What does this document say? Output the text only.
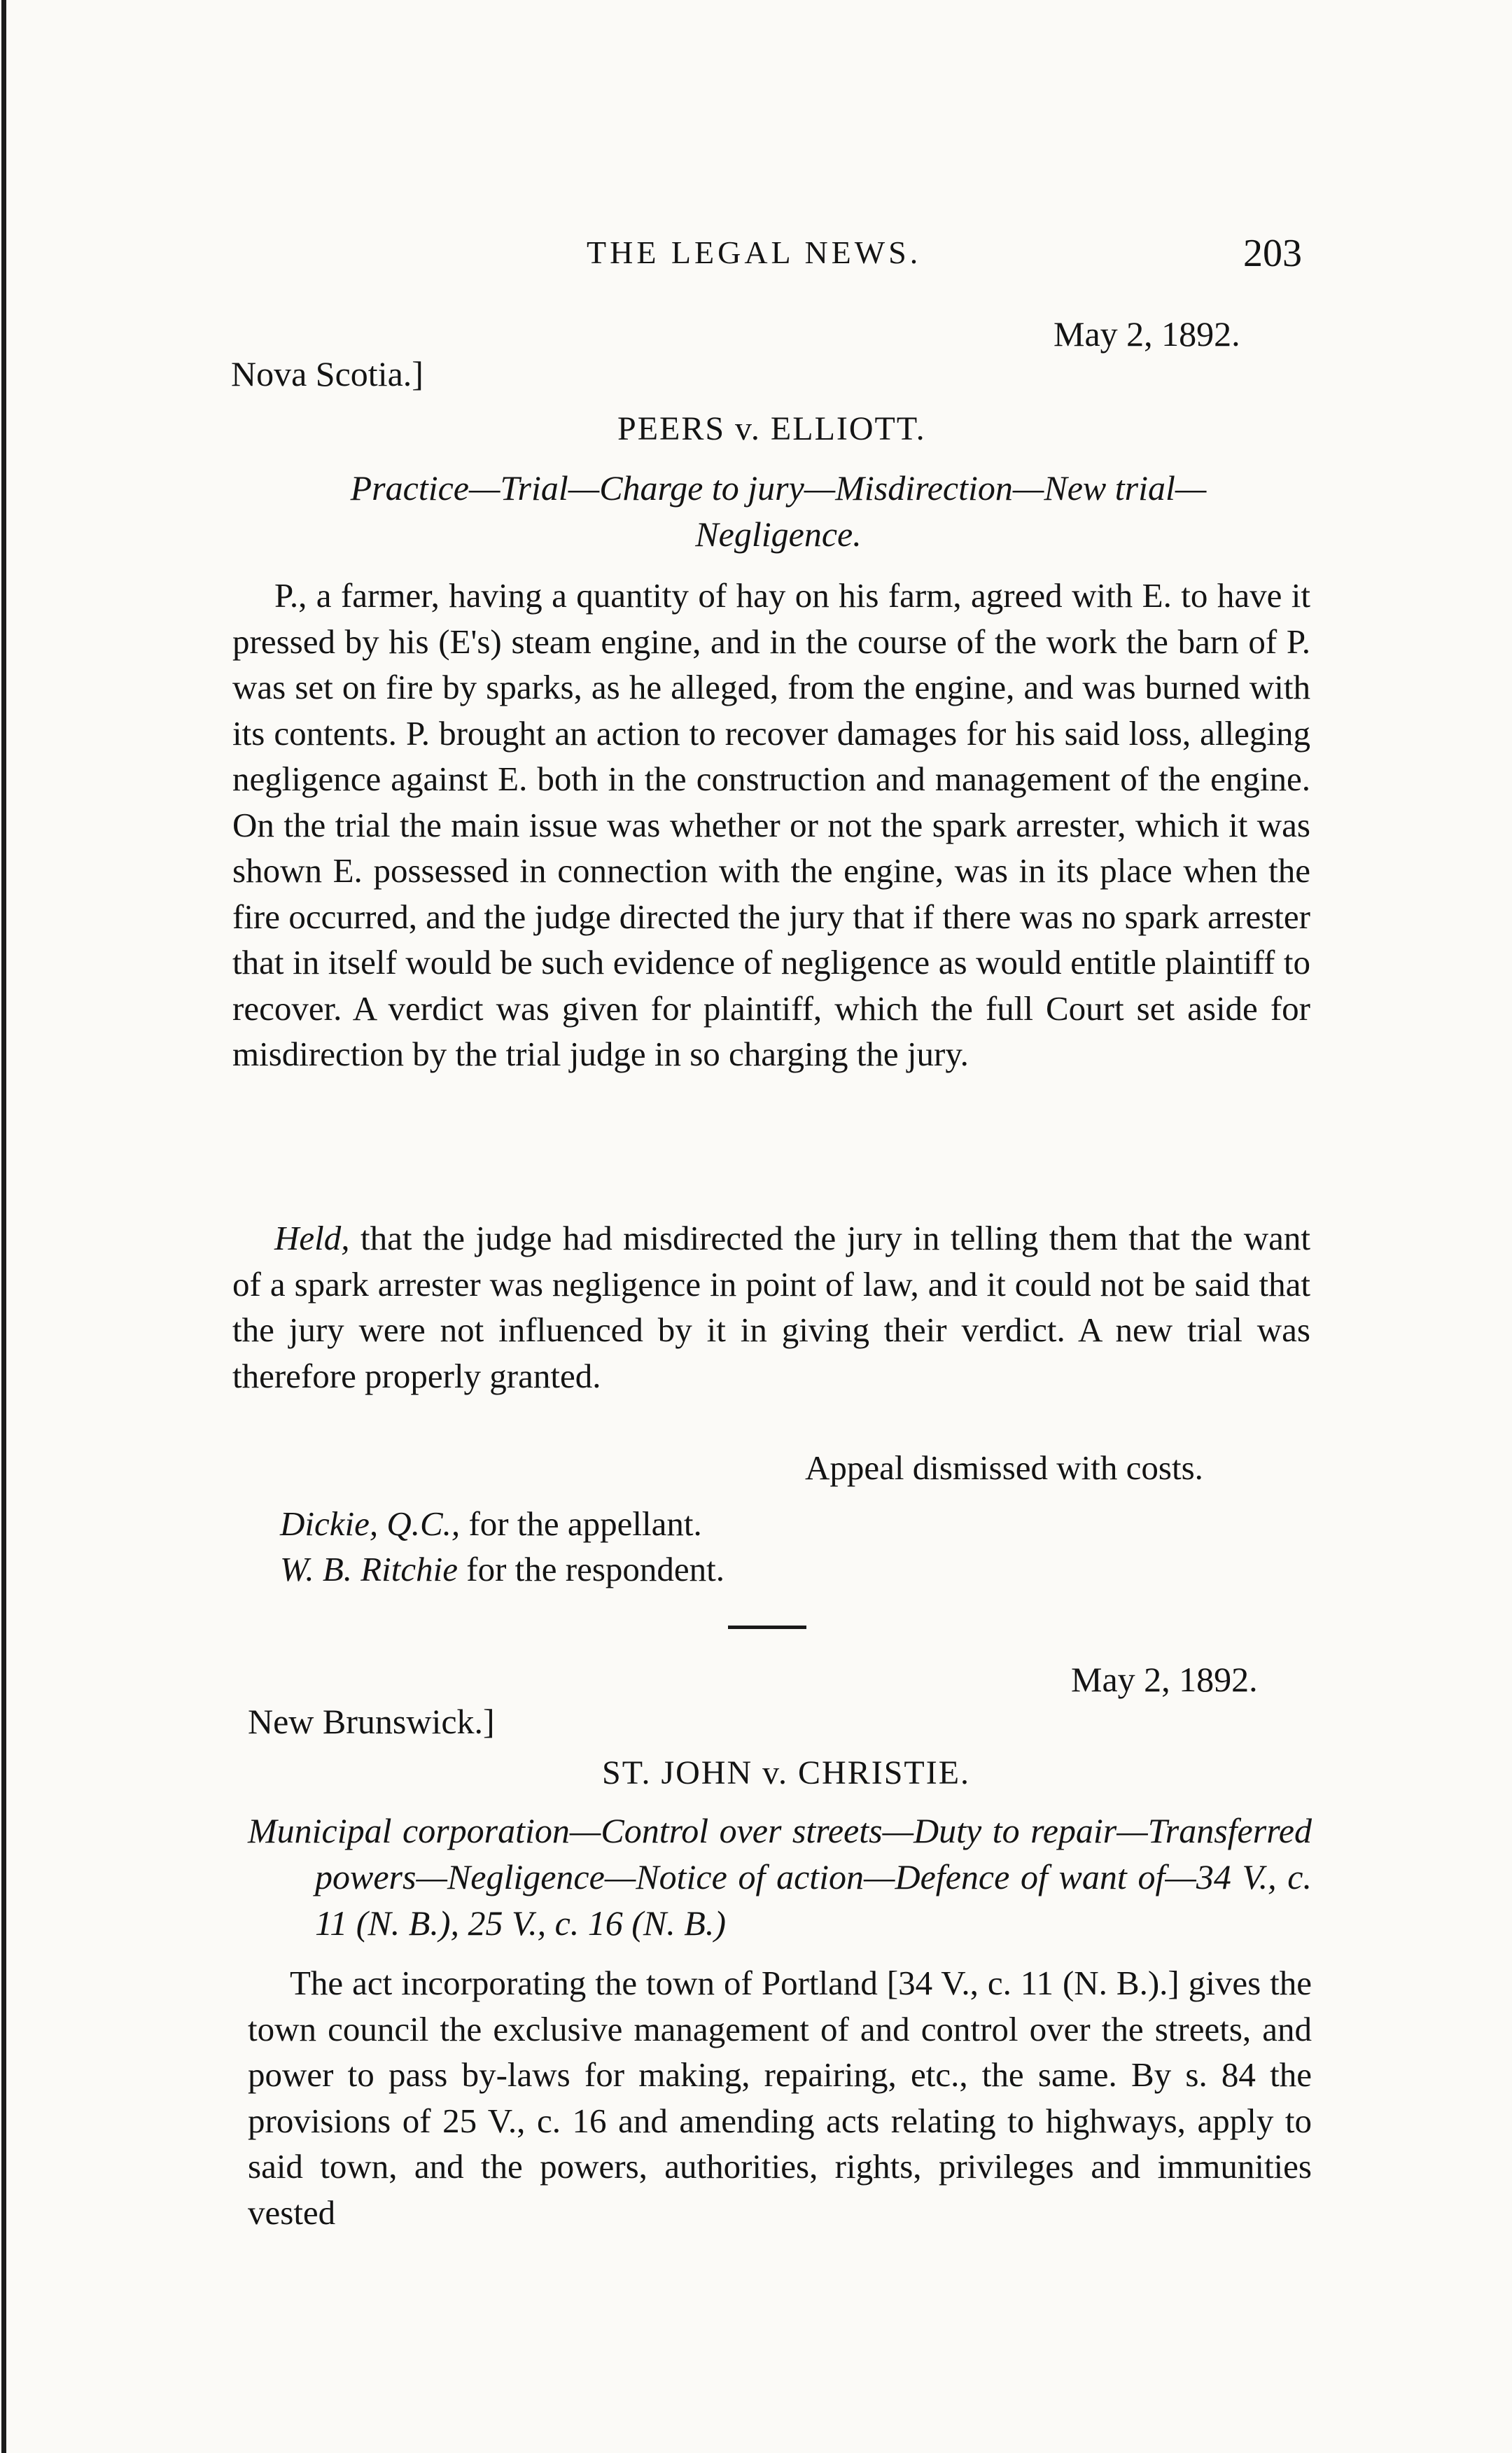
THE LEGAL NEWS.	203
May 2, 1892.
Nova Scotia.]
PEERS v. ELLIOTT.
Practice—Trial—Charge to jury—Misdirection—New trial—Negligence.
P., a farmer, having a quantity of hay on his farm, agreed with E. to have it pressed by his (E's) steam engine, and in the course of the work the barn of P. was set on fire by sparks, as he alleged, from the engine, and was burned with its contents. P. brought an action to recover damages for his said loss, alleging negligence against E. both in the construction and management of the engine. On the trial the main issue was whether or not the spark arrester, which it was shown E. possessed in connection with the engine, was in its place when the fire occurred, and the judge directed the jury that if there was no spark arrester that in itself would be such evidence of negligence as would entitle plaintiff to recover. A verdict was given for plaintiff, which the full Court set aside for misdirection by the trial judge in so charging the jury.
Held, that the judge had misdirected the jury in telling them that the want of a spark arrester was negligence in point of law, and it could not be said that the jury were not influenced by it in giving their verdict. A new trial was therefore properly granted.
Appeal dismissed with costs.
Dickie, Q.C., for the appellant.
W. B. Ritchie for the respondent.
May 2, 1892.
New Brunswick.]
ST. JOHN v. CHRISTIE.
Municipal corporation—Control over streets—Duty to repair—Transferred powers—Negligence—Notice of action—Defence of want of—34 V., c. 11 (N. B.), 25 V., c. 16 (N. B.)
The act incorporating the town of Portland [34 V., c. 11 (N. B.).] gives the town council the exclusive management of and control over the streets, and power to pass by-laws for making, repairing, etc., the same. By s. 84 the provisions of 25 V., c. 16 and amending acts relating to highways, apply to said town, and the powers, authorities, rights, privileges and immunities vested
